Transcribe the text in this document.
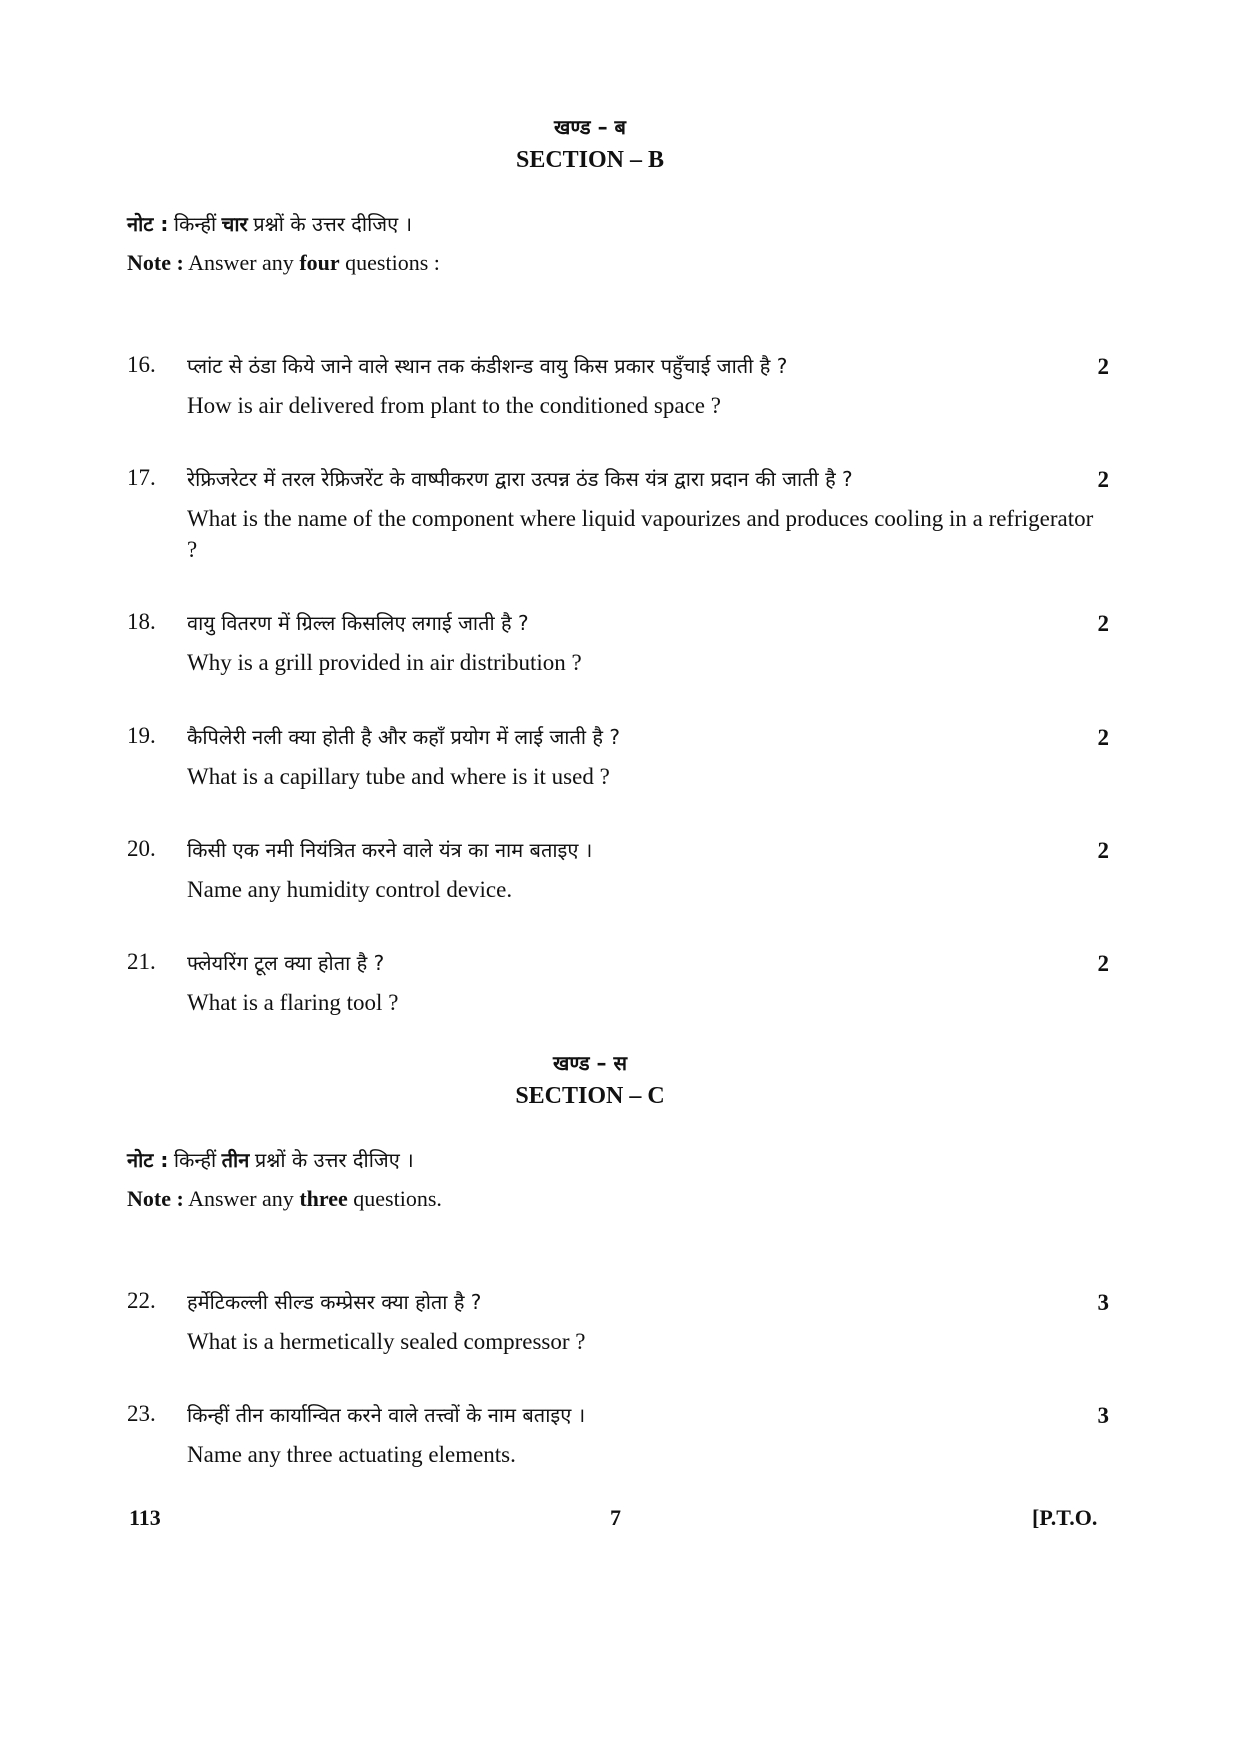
खण्ड – ब
SECTION – B
नोट : किन्हीं चार प्रश्नों के उत्तर दीजिए ।
Note : Answer any four questions :
16. प्लांट से ठंडा किये जाने वाले स्थान तक कंडीशन्ड वायु किस प्रकार पहुँचाई जाती है ?
How is air delivered from plant to the conditioned space ?
2
17. रेफ्रिजरेटर में तरल रेफ्रिजरेंट के वाष्पीकरण द्वारा उत्पन्न ठंड किस यंत्र द्वारा प्रदान की जाती है ?
What is the name of the component where liquid vapourizes and produces cooling in a refrigerator ?
2
18. वायु वितरण में ग्रिल्ल किसलिए लगाई जाती है ?
Why is a grill provided in air distribution ?
2
19. कैपिलेरी नली क्या होती है और कहाँ प्रयोग में लाई जाती है ?
What is a capillary tube and where is it used ?
2
20. किसी एक नमी नियंत्रित करने वाले यंत्र का नाम बताइए ।
Name any humidity control device.
2
21. फ्लेयरिंग टूल क्या होता है ?
What is a flaring tool ?
2
खण्ड – स
SECTION – C
नोट : किन्हीं तीन प्रश्नों के उत्तर दीजिए ।
Note : Answer any three questions.
22. हर्मेटिकल्ली सील्ड कम्प्रेसर क्या होता है ?
What is a hermetically sealed compressor ?
3
23. किन्हीं तीन कार्यान्वित करने वाले तत्त्वों के नाम बताइए ।
Name any three actuating elements.
3
113	7	[P.T.O.
